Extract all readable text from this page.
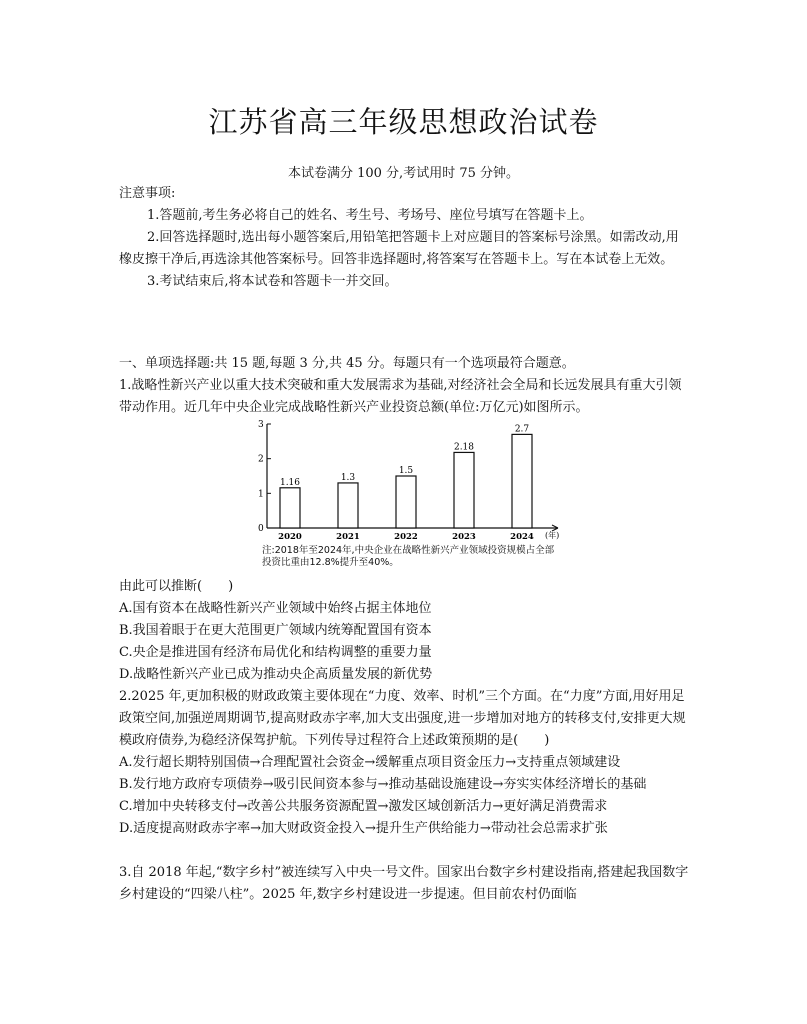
江苏省高三年级思想政治试卷
本试卷满分 100 分,考试用时 75 分钟。

注意事项:

1.答题前,考生务必将自己的姓名、考生号、考场号、座位号填写在答题卡上。

2.回答选择题时,选出每小题答案后,用铅笔把答题卡上对应题目的答案标号涂黑。如需改动,用橡皮擦干净后,再选涂其他答案标号。回答非选择题时,将答案写在答题卡上。写在本试卷上无效。

3.考试结束后,将本试卷和答题卡一并交回。

一、单项选择题:共 15 题,每题 3 分,共 45 分。每题只有一个选项最符合题意。

1.战略性新兴产业以重大技术突破和重大发展需求为基础,对经济社会全局和长远发展具有重大引领带动作用。近几年中央企业完成战略性新兴产业投资总额(单位:万亿元)如图所示。

0
1
2
3
1.16
2020
1.3
2021
1.5
2022
2.18
2023
2.7
2024 (年)
注:2018年至2024年,中央企业在战略性新兴产业领域投资规模占全部投资比重由12.8%提升至40%。

由此可以推断(　　)

A.国有资本在战略性新兴产业领域中始终占据主体地位
B.我国着眼于在更大范围更广领域内统筹配置国有资本
C.央企是推进国有经济布局优化和结构调整的重要力量
D.战略性新兴产业已成为推动央企高质量发展的新优势

2.2025 年,更加积极的财政政策主要体现在“力度、效率、时机”三个方面。在“力度”方面,用好用足政策空间,加强逆周期调节,提高财政赤字率,加大支出强度,进一步增加对地方的转移支付,安排更大规模政府债券,为稳经济保驾护航。下列传导过程符合上述政策预期的是(　　)

A.发行超长期特别国债→合理配置社会资金→缓解重点项目资金压力→支持重点领域建设
B.发行地方政府专项债券→吸引民间资本参与→推动基础设施建设→夯实实体经济增长的基础
C.增加中央转移支付→改善公共服务资源配置→激发区域创新活力→更好满足消费需求
D.适度提高财政赤字率→加大财政资金投入→提升生产供给能力→带动社会总需求扩张

3.自 2018 年起,“数字乡村”被连续写入中央一号文件。国家出台数字乡村建设指南,搭建起我国数字乡村建设的“四梁八柱”。2025 年,数字乡村建设进一步提速。但目前农村仍面临
